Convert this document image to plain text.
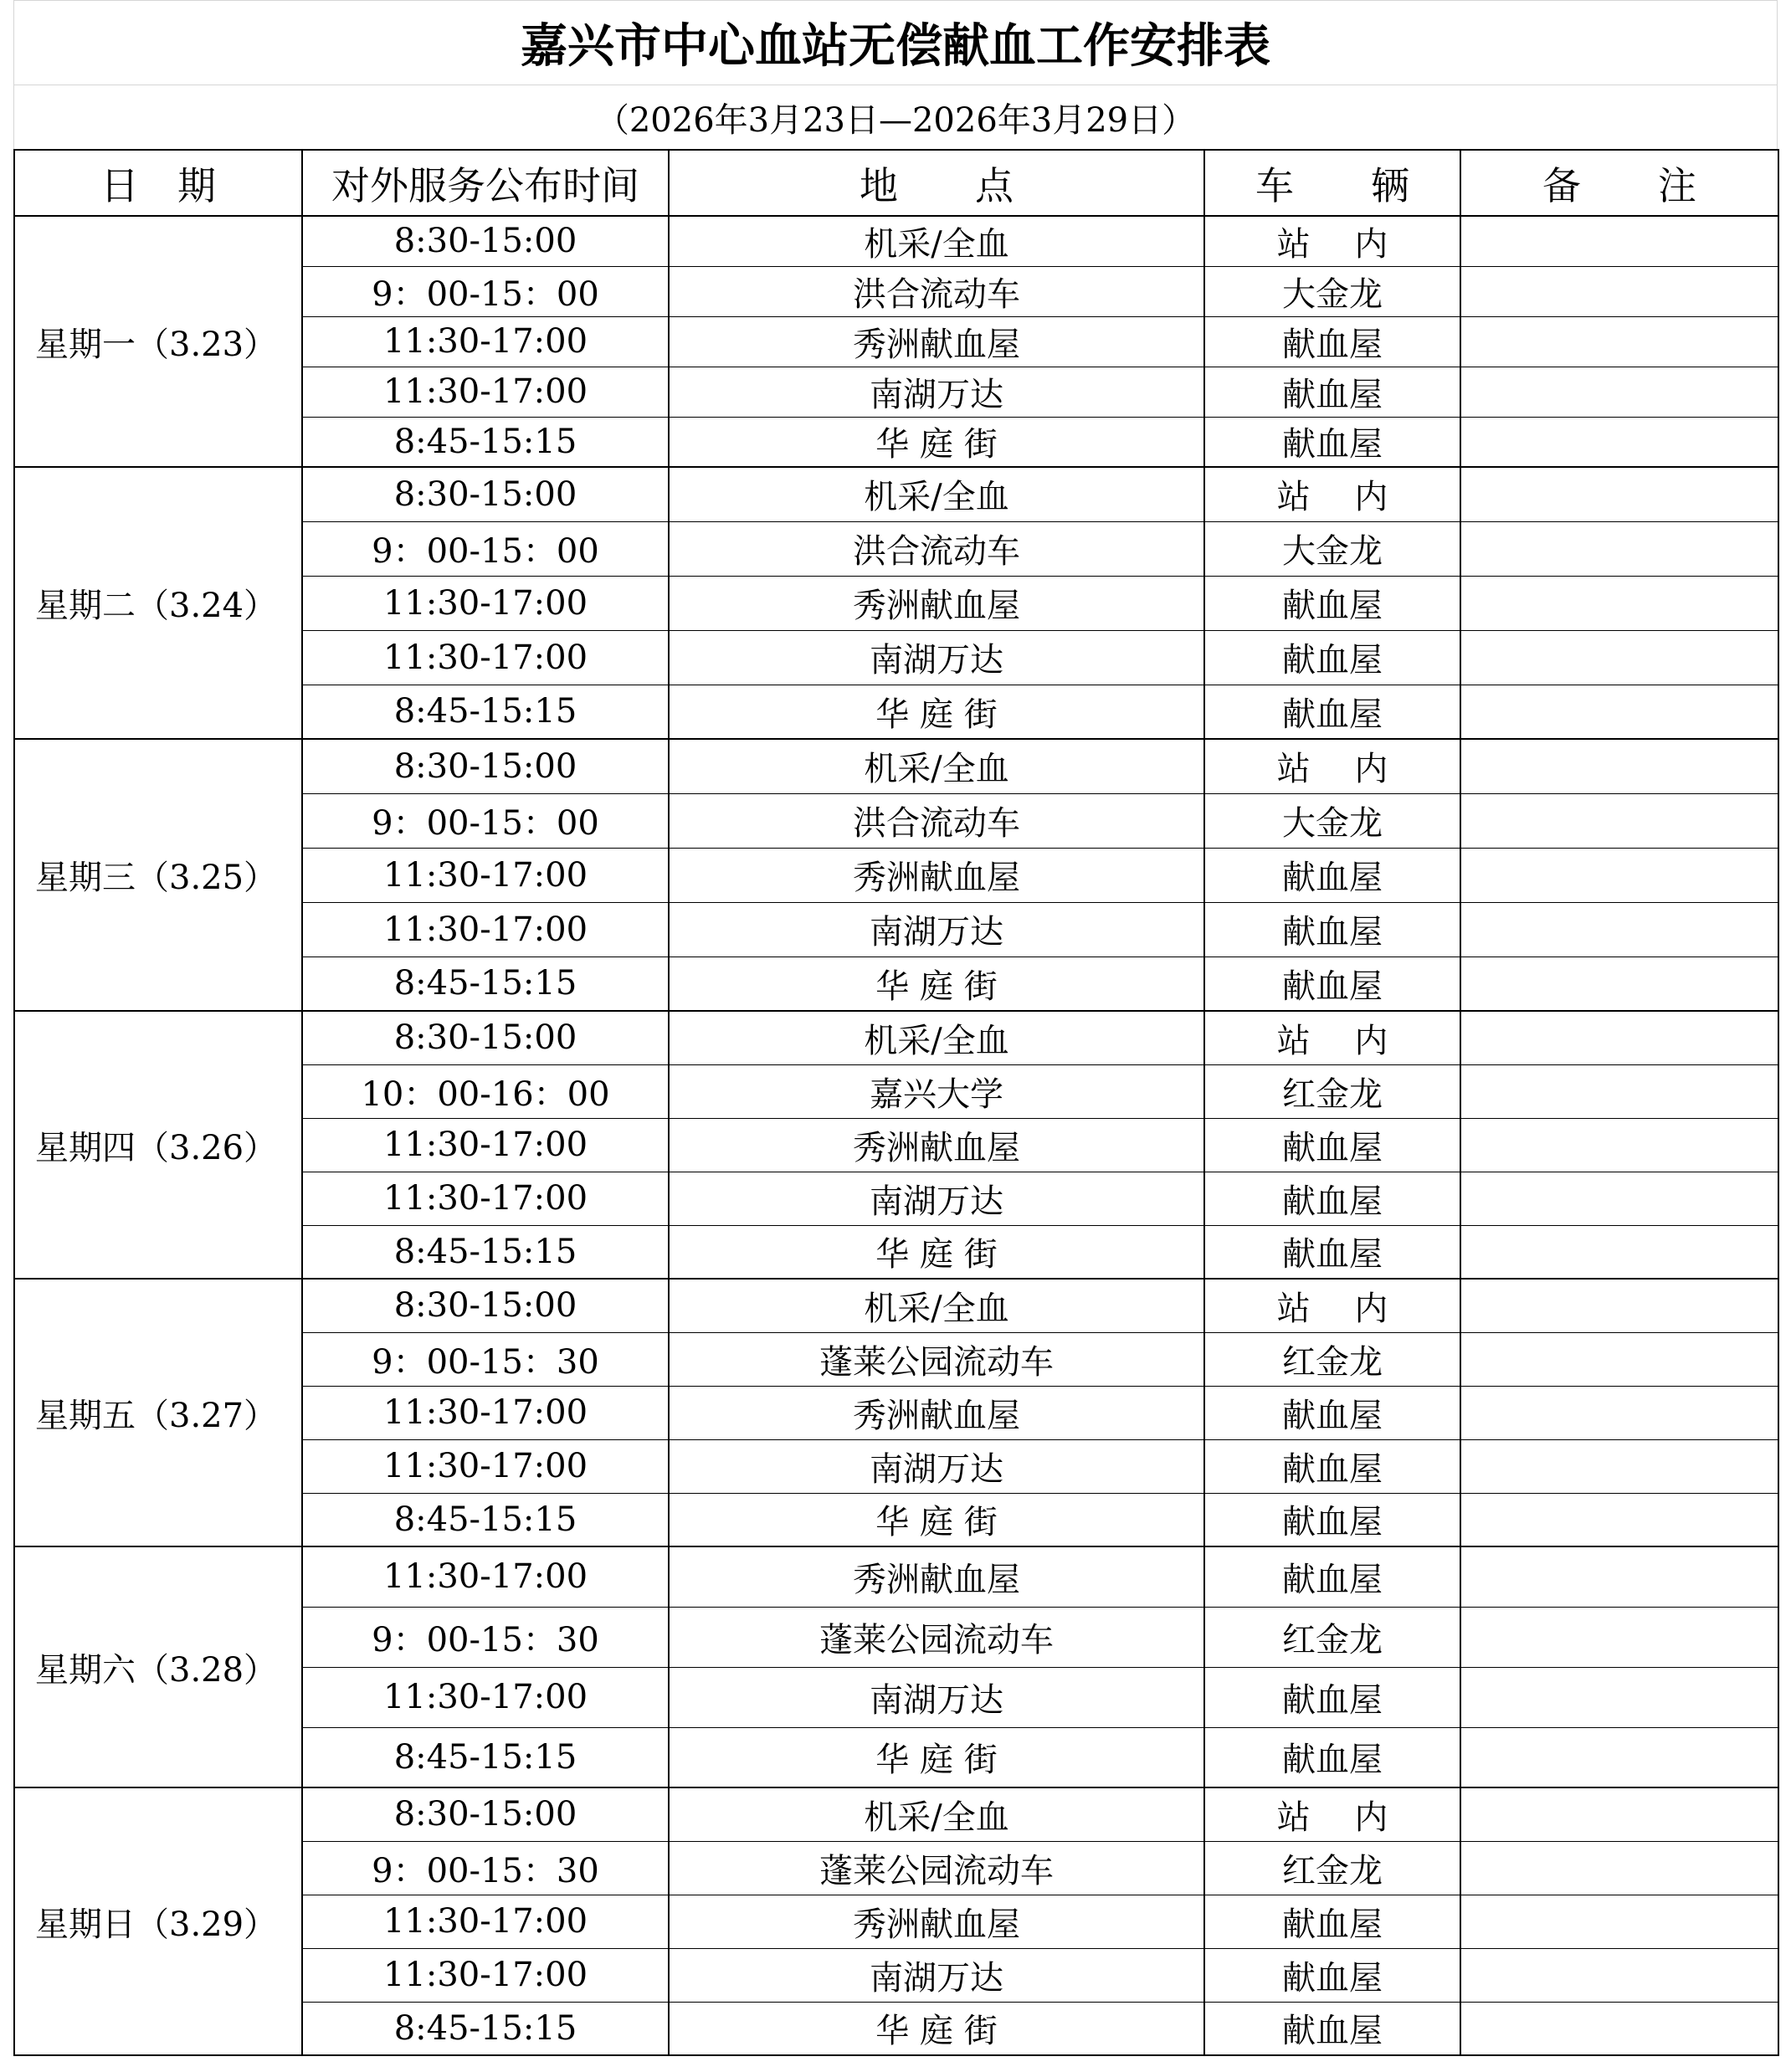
嘉兴市中心血站无偿献血工作安排表
（2026年3月23日—2026年3月29日）
日　期	对外服务公布时间	地　　点	车　　辆	备　　注
星期一（3.23）	8:30-15:00	机采/全血	站　 内	
	9：00-15：00	洪合流动车	大金龙	
	11:30-17:00	秀洲献血屋	献血屋	
	11:30-17:00	南湖万达	献血屋	
	8:45-15:15	华 庭 街	献血屋	
星期二（3.24）	8:30-15:00	机采/全血	站　 内	
	9：00-15：00	洪合流动车	大金龙	
	11:30-17:00	秀洲献血屋	献血屋	
	11:30-17:00	南湖万达	献血屋	
	8:45-15:15	华 庭 街	献血屋	
星期三（3.25）	8:30-15:00	机采/全血	站　 内	
	9：00-15：00	洪合流动车	大金龙	
	11:30-17:00	秀洲献血屋	献血屋	
	11:30-17:00	南湖万达	献血屋	
	8:45-15:15	华 庭 街	献血屋	
星期四（3.26）	8:30-15:00	机采/全血	站　 内	
	10：00-16：00	嘉兴大学	红金龙	
	11:30-17:00	秀洲献血屋	献血屋	
	11:30-17:00	南湖万达	献血屋	
	8:45-15:15	华 庭 街	献血屋	
星期五（3.27）	8:30-15:00	机采/全血	站　 内	
	9：00-15：30	蓬莱公园流动车	红金龙	
	11:30-17:00	秀洲献血屋	献血屋	
	11:30-17:00	南湖万达	献血屋	
	8:45-15:15	华 庭 街	献血屋	
星期六（3.28）	11:30-17:00	秀洲献血屋	献血屋	
	9：00-15：30	蓬莱公园流动车	红金龙	
	11:30-17:00	南湖万达	献血屋	
	8:45-15:15	华 庭 街	献血屋	
星期日（3.29）	8:30-15:00	机采/全血	站　 内	
	9：00-15：30	蓬莱公园流动车	红金龙	
	11:30-17:00	秀洲献血屋	献血屋	
	11:30-17:00	南湖万达	献血屋	
	8:45-15:15	华 庭 街	献血屋	
